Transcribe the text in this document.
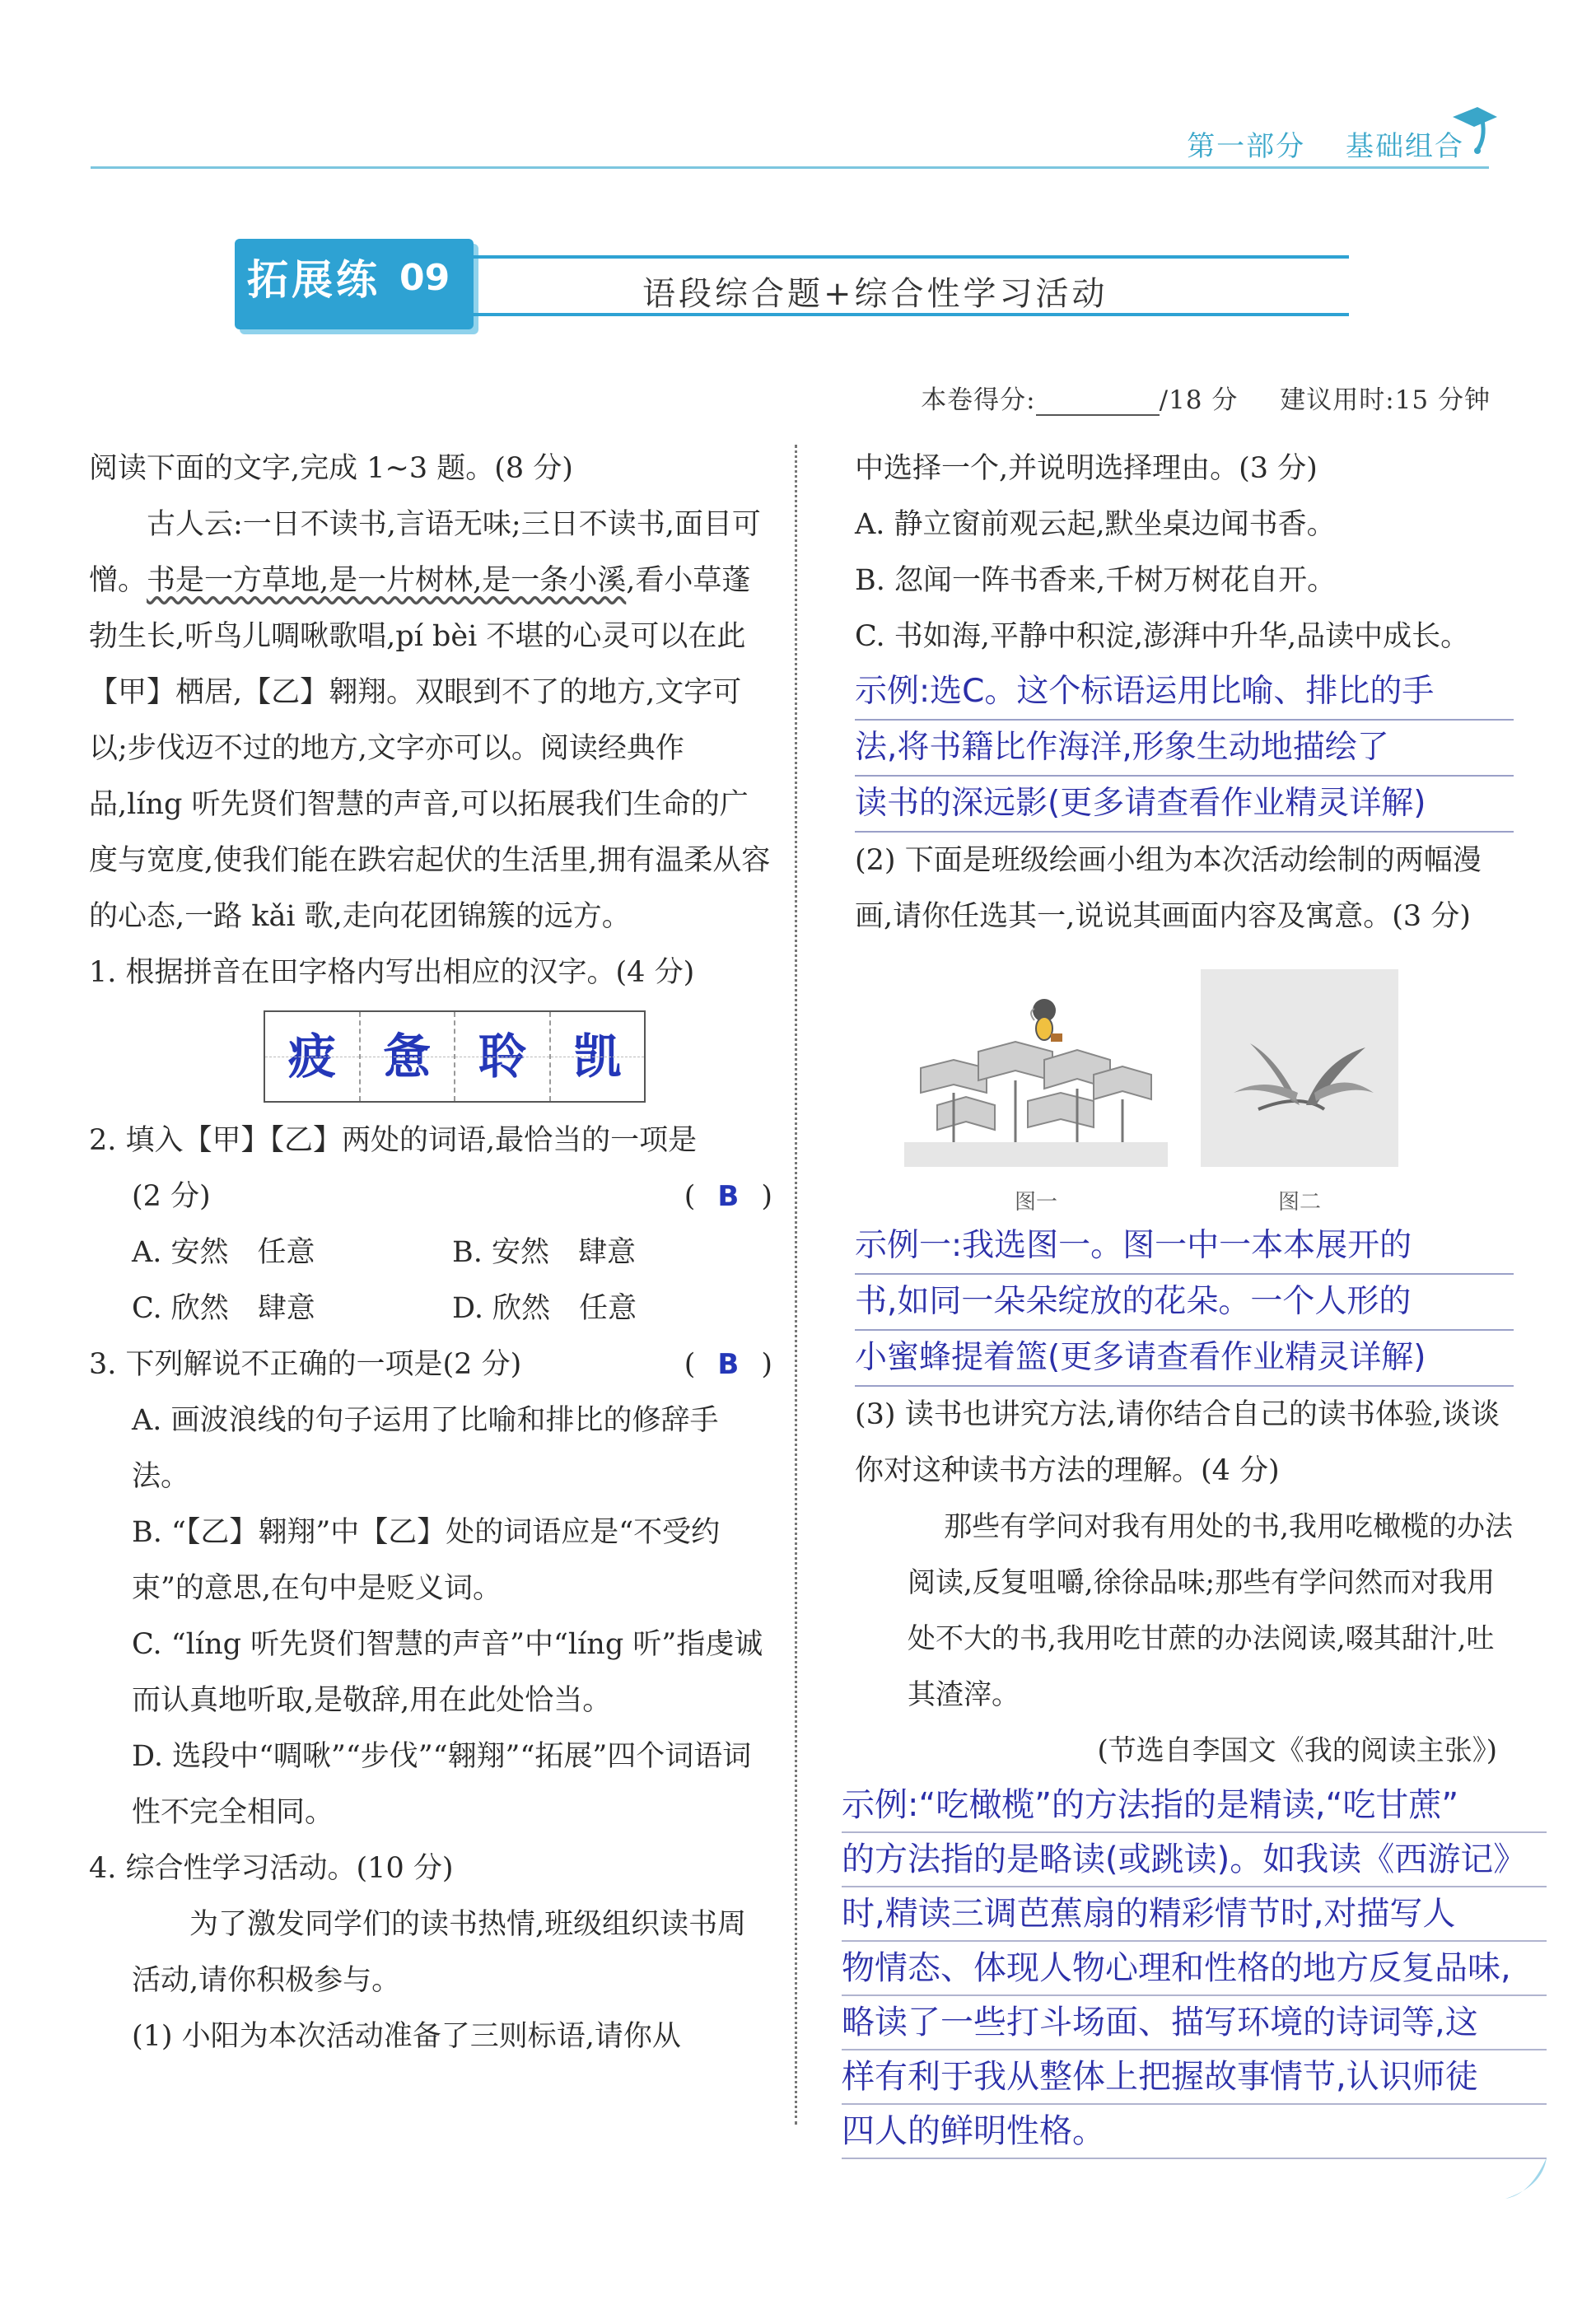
第一部分 基础组合
拓展练 09	语段综合题+综合性学习活动
本卷得分:	/18 分 建议用时:15 分钟

阅读下面的文字,完成 1~3 题。(8 分)

古人云:一日不读书,言语无味;三日不读书,面目可憎。书是一方草地,是一片树林,是一条小溪,看小草蓬勃生长,听鸟儿啁啾歌唱,pí bèi 不堪的心灵可以在此【甲】栖居,【乙】翱翔。双眼到不了的地方,文字可以;步伐迈不过的地方,文字亦可以。阅读经典作品,líng 听先贤们智慧的声音,可以拓展我们生命的广度与宽度,使我们能在跌宕起伏的生活里,拥有温柔从容的心态,一路 kǎi 歌,走向花团锦簇的远方。

1. 根据拼音在田字格内写出相应的汉字。(4 分)

疲 惫 聆 凯

2. 填入【甲】【乙】两处的词语,最恰当的一项是

(2 分)	( B )

A. 安然　任意	B. 安然　肆意
C. 欣然　肆意	D. 欣然　任意

3. 下列解说不正确的一项是(2 分)	( B )

A. 画波浪线的句子运用了比喻和排比的修辞手法。

B. “【乙】翱翔”中【乙】处的词语应是“不受约束”的意思,在句中是贬义词。

C. “líng 听先贤们智慧的声音”中“líng 听”指虔诚而认真地听取,是敬辞,用在此处恰当。

D. 选段中“啁啾”“步伐”“翱翔”“拓展”四个词语词性不完全相同。

4. 综合性学习活动。(10 分)

为了激发同学们的读书热情,班级组织读书周活动,请你积极参与。

(1) 小阳为本次活动准备了三则标语,请你从

中选择一个,并说明选择理由。(3 分)

A. 静立窗前观云起,默坐桌边闻书香。

B. 忽闻一阵书香来,千树万树花自开。

C. 书如海,平静中积淀,澎湃中升华,品读中成长。

示例:选C。这个标语运用比喻、排比的手
法,将书籍比作海洋,形象生动地描绘了
读书的深远影(更多请查看作业精灵详解)

(2) 下面是班级绘画小组为本次活动绘制的两幅漫画,请你任选其一,说说其画面内容及寓意。(3 分)

图一	图二
示例一:我选图一。图一中一本本展开的
书,如同一朵朵绽放的花朵。一个人形的
小蜜蜂提着篮(更多请查看作业精灵详解)

(3) 读书也讲究方法,请你结合自己的读书体验,谈谈你对这种读书方法的理解。(4 分)

那些有学问对我有用处的书,我用吃橄榄的办法阅读,反复咀嚼,徐徐品味;那些有学问然而对我用处不大的书,我用吃甘蔗的办法阅读,啜其甜汁,吐其渣滓。

(节选自李国文《我的阅读主张》)

示例:“吃橄榄”的方法指的是精读,“吃甘蔗”
的方法指的是略读(或跳读)。如我读《西游记》
时,精读三调芭蕉扇的精彩情节时,对描写人
物情态、体现人物心理和性格的地方反复品味,
略读了一些打斗场面、描写环境的诗词等,这
样有利于我从整体上把握故事情节,认识师徒
四人的鲜明性格。
